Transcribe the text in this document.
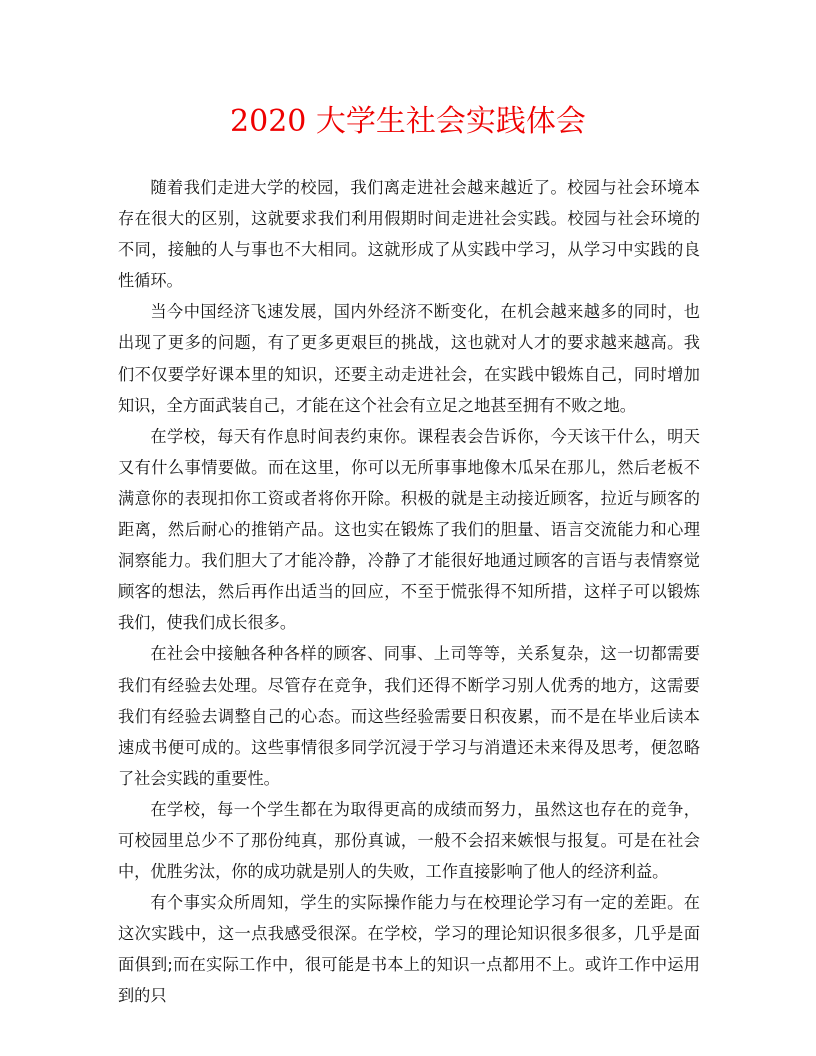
2020 大学生社会实践体会

随着我们走进大学的校园，我们离走进社会越来越近了。校园与社会环境本存在很大的区别，这就要求我们利用假期时间走进社会实践。校园与社会环境的不同，接触的人与事也不大相同。这就形成了从实践中学习，从学习中实践的良性循环。

当今中国经济飞速发展，国内外经济不断变化，在机会越来越多的同时，也出现了更多的问题，有了更多更艰巨的挑战，这也就对人才的要求越来越高。我们不仅要学好课本里的知识，还要主动走进社会，在实践中锻炼自己，同时增加知识，全方面武装自己，才能在这个社会有立足之地甚至拥有不败之地。

在学校，每天有作息时间表约束你。课程表会告诉你，今天该干什么，明天又有什么事情要做。而在这里，你可以无所事事地像木瓜呆在那儿，然后老板不满意你的表现扣你工资或者将你开除。积极的就是主动接近顾客，拉近与顾客的距离，然后耐心的推销产品。这也实在锻炼了我们的胆量、语言交流能力和心理洞察能力。我们胆大了才能冷静，冷静了才能很好地通过顾客的言语与表情察觉顾客的想法，然后再作出适当的回应，不至于慌张得不知所措，这样子可以锻炼我们，使我们成长很多。

在社会中接触各种各样的顾客、同事、上司等等，关系复杂，这一切都需要我们有经验去处理。尽管存在竞争，我们还得不断学习别人优秀的地方，这需要我们有经验去调整自己的心态。而这些经验需要日积夜累，而不是在毕业后读本速成书便可成的。这些事情很多同学沉浸于学习与消遣还未来得及思考，便忽略了社会实践的重要性。

在学校，每一个学生都在为取得更高的成绩而努力，虽然这也存在的竞争，可校园里总少不了那份纯真，那份真诚，一般不会招来嫉恨与报复。可是在社会中，优胜劣汰，你的成功就是别人的失败，工作直接影响了他人的经济利益。

有个事实众所周知，学生的实际操作能力与在校理论学习有一定的差距。在这次实践中，这一点我感受很深。在学校，学习的理论知识很多很多，几乎是面面俱到;而在实际工作中，很可能是书本上的知识一点都用不上。或许工作中运用到的只
